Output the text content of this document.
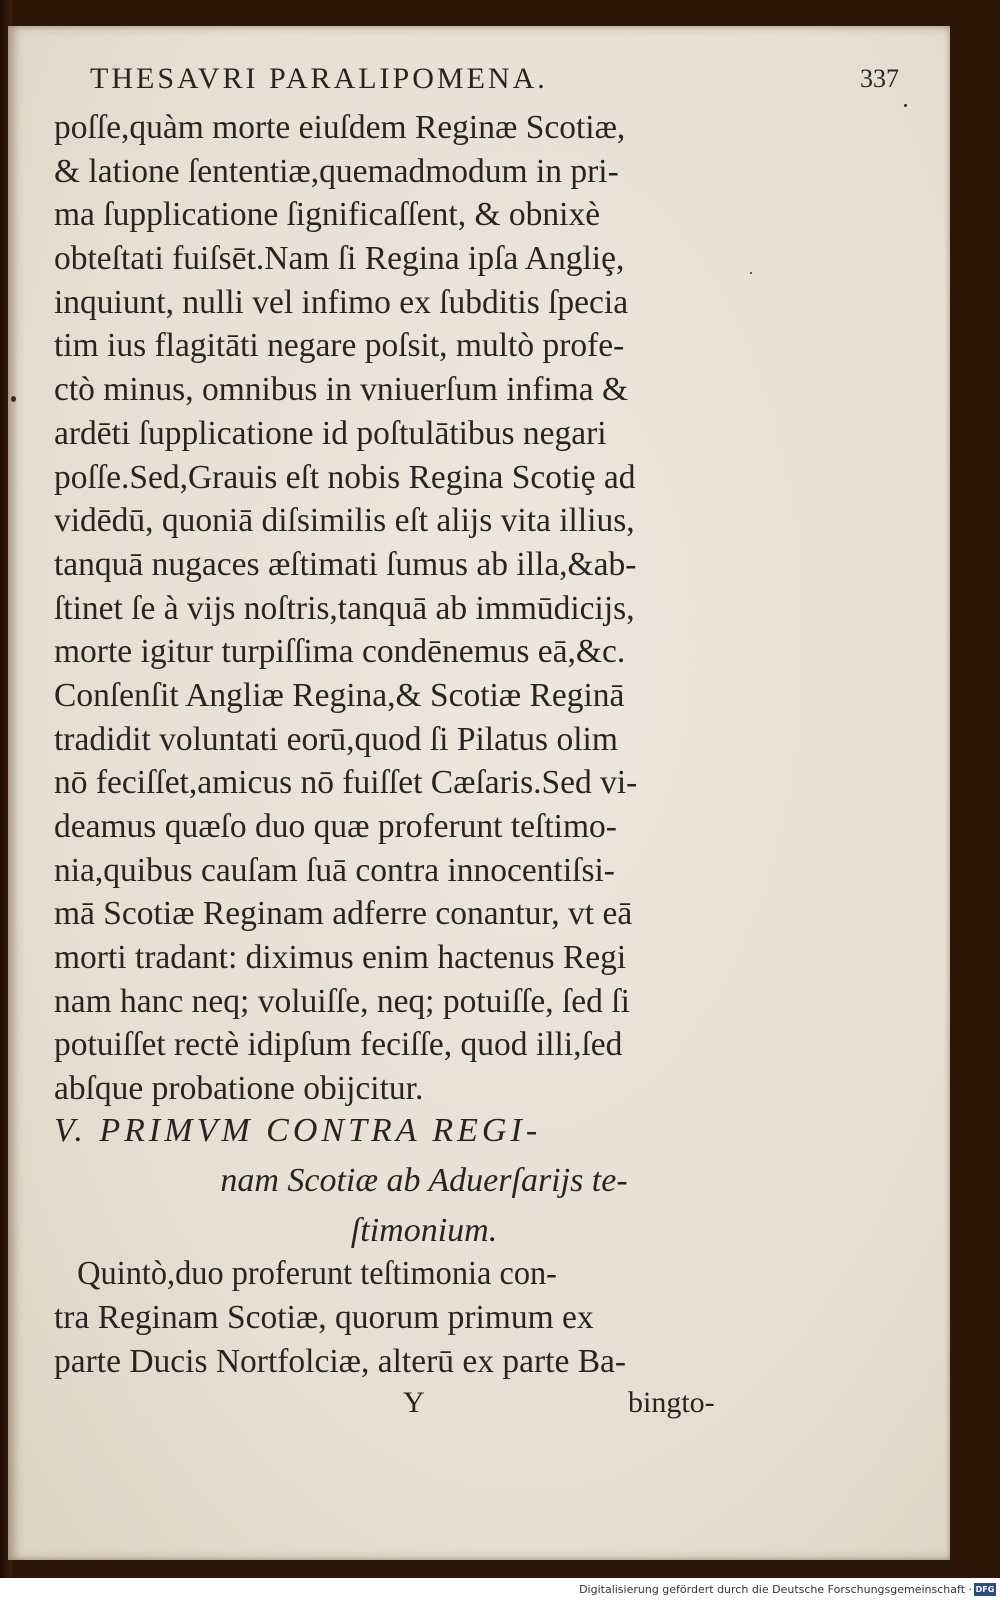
THESAVRI PARALIPOMENA.	337
poſſe,quàm morte eiuſdem Reginæ Scotiæ,
& latione ſententiæ,quemadmodum in pri-
ma ſupplicatione ſignificaſſent, & obnixè
obteſtati fuiſsēt.Nam ſi Regina ipſa Angliȩ,
inquiunt, nulli vel infimo ex ſubditis ſpecia
tim ius flagitāti negare poſsit, multò profe-
ctò minus, omnibus in vniuerſum infima &
ardēti ſupplicatione id poſtulātibus negari
poſſe.Sed,Grauis eſt nobis Regina Scotiȩ ad
vidēdū, quoniā diſsimilis eſt alijs vita illius,
tanquā nugaces æſtimati ſumus ab illa,&ab-
ſtinet ſe à vijs noſtris,tanquā ab immūdicijs,
morte igitur turpiſſima condēnemus eā,&c.
Conſenſit Angliæ Regina,& Scotiæ Reginā
tradidit voluntati eorū,quod ſi Pilatus olim
nō feciſſet,amicus nō fuiſſet Cæſaris.Sed vi-
deamus quæſo duo quæ proferunt teſtimo-
nia,quibus cauſam ſuā contra innocentiſsi-
mā Scotiæ Reginam adferre conantur, vt eā
morti tradant: diximus enim hactenus Regi
nam hanc neq; voluiſſe, neq; potuiſſe, ſed ſi
potuiſſet rectè idipſum feciſſe, quod illi,ſed
abſque probatione obijcitur.
V. PRIMVM CONTRA REGI-
nam Scotiæ ab Aduerſarijs te-
ſtimonium.
Quintò,duo proferunt teſtimonia con-
tra Reginam Scotiæ, quorum primum ex
parte Ducis Nortfolciæ, alterū ex parte Ba-
Y	bingto-
Digitalisierung gefördert durch die Deutsche Forschungsgemeinschaft · DFG
